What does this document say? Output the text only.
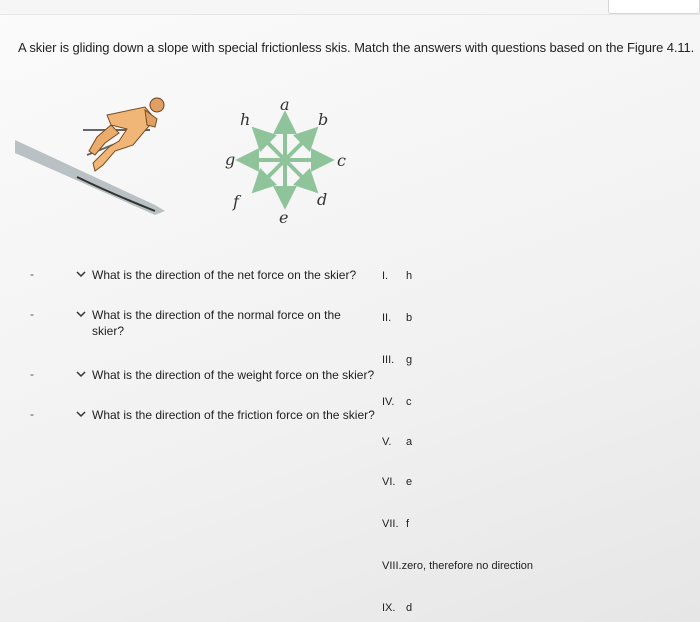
A skier is gliding down a slope with special frictionless skis. Match the answers with questions based on the Figure 4.11.
a
b
c
d
e
f
g
h
-	What is the direction of the net force on the skier?
-	What is the direction of the normal force on the skier?
-	What is the direction of the weight force on the skier?
-	What is the direction of the friction force on the skier?
I. h
II. b
III. g
IV. c
V. a
VI. e
VII. f
VIII.zero, therefore no direction
IX. d
